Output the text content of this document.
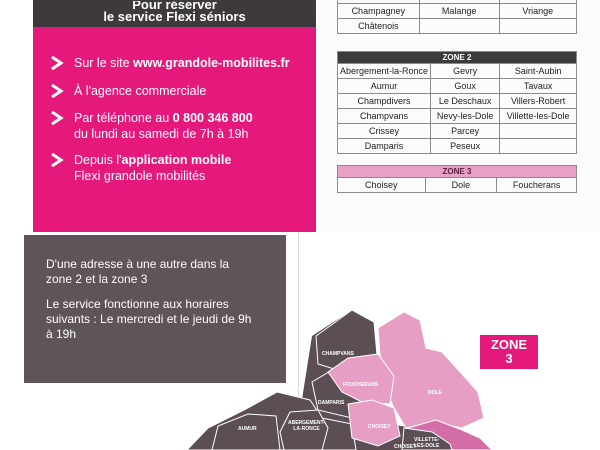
Pour réserver
le service Flexi séniors
Sur le site www.grandole-mobilites.fr
À l'agence commerciale
Par téléphone au 0 800 346 800
du lundi au samedi de 7h à 19h
Depuis l'application mobile
Flexi grandole mobilités

Champagney	Malange	Vriange
Châtenois		
ZONE 2		
Abergement-la-Ronce	Gevry	Saint-Aubin
Aumur	Goux	Tavaux
Champdivers	Le Deschaux	Villers-Robert
Champvans	Nevy-les-Dole	Villette-les-Dole
Crissey	Parcey	
Damparis	Peseux	
ZONE 3
Choisey	Dole	Foucherans

D'une adresse à une autre dans la zone 2 et la zone 3

Le service fonctionne aux horaires suivants : Le mercredi et le jeudi de 9h à 19h

ZONE
3
CHAMPVANS
FOUCHERANS
DAMPARIS
DOLE
CHOISEY
AUMUR
ABERGEMENT-
LA-RONCE
VILLETTE-
LES-DOLE
CHOISEY
